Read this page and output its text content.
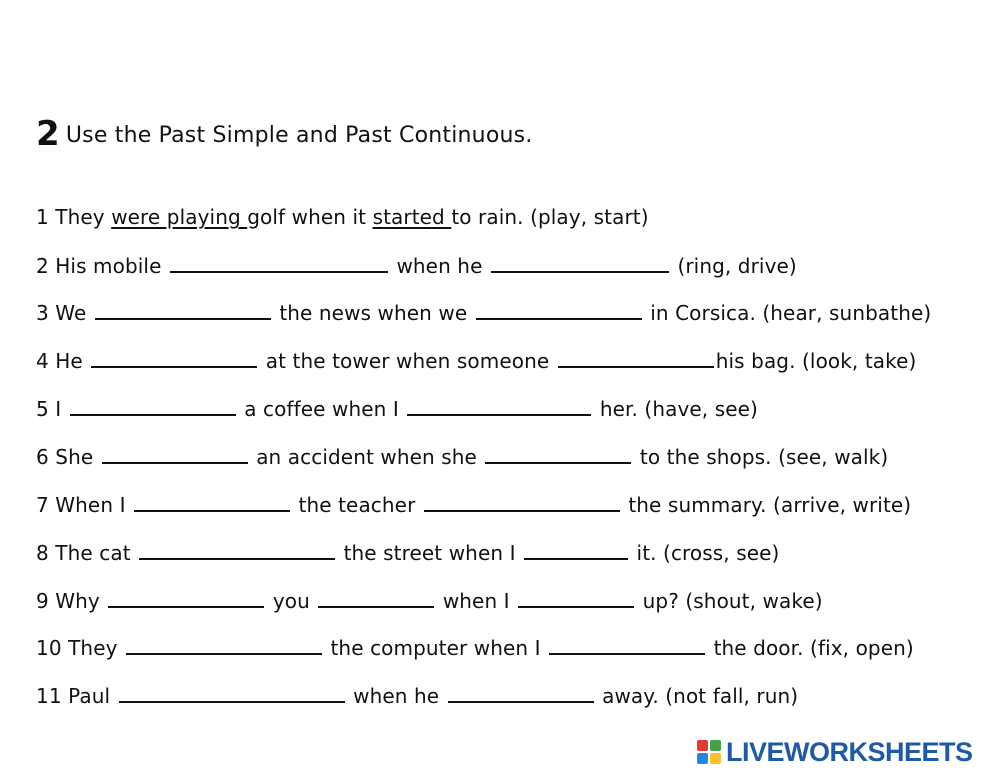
2 Use the Past Simple and Past Continuous.
1 They were playing golf when it started to rain. (play, start)
2 His mobile	when he	(ring, drive)
3 We	the news when we	in Corsica. (hear, sunbathe)
4 He	at the tower when someone	his bag. (look, take)
5 I	a coffee when I	her. (have, see)
6 She	an accident when she	to the shops. (see, walk)
7 When I	the teacher	the summary. (arrive, write)
8 The cat	the street when I	it. (cross, see)
9 Why	you	when I	up? (shout, wake)
10 They	the computer when I	the door. (fix, open)
11 Paul	when he	away. (not fall, run)
LIVEWORKSHEETS
